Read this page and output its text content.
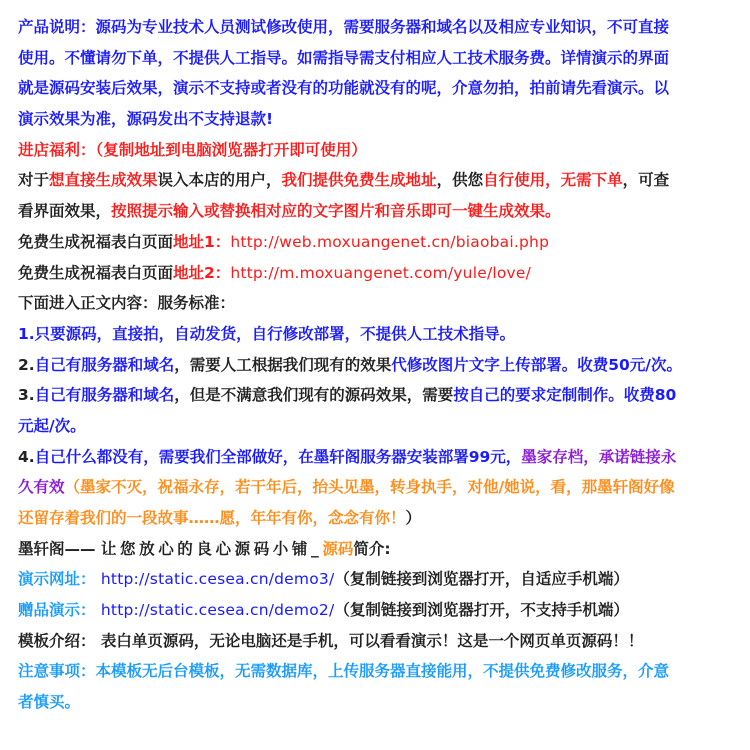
产品说明：源码为专业技术人员测试修改使用，需要服务器和域名以及相应专业知识，不可直接
使用。不懂请勿下单，不提供人工指导。如需指导需支付相应人工技术服务费。详情演示的界面
就是源码安装后效果，演示不支持或者没有的功能就没有的呢，介意勿拍，拍前请先看演示。以
演示效果为准，源码发出不支持退款!
进店福利：（复制地址到电脑浏览器打开即可使用）
对于想直接生成效果误入本店的用户，我们提供免费生成地址，供您自行使用，无需下单，可查
看界面效果，按照提示输入或替换相对应的文字图片和音乐即可一键生成效果。
免费生成祝福表白页面地址1：http://web.moxuangenet.cn/biaobai.php
免费生成祝福表白页面地址2：http://m.moxuangenet.com/yule/love/
下面进入正文内容：服务标准：
1.只要源码，直接拍，自动发货，自行修改部署，不提供人工技术指导。
2.自己有服务器和域名，需要人工根据我们现有的效果代修改图片文字上传部署。收费50元/次。
3.自己有服务器和域名，但是不满意我们现有的源码效果，需要按自己的要求定制制作。收费80
元起/次。
4.自己什么都没有，需要我们全部做好，在墨轩阁服务器安装部署99元，墨家存档，承诺链接永
久有效（墨家不灭，祝福永存，若干年后，抬头见墨，转身执手，对他/她说，看，那墨轩阁好像
还留存着我们的一段故事……愿，年年有你，念念有你！）
墨轩阁—— 让您放心的良心源码小铺_源码简介:
演示网址： http://static.cesea.cn/demo3/（复制链接到浏览器打开，自适应手机端）
赠品演示： http://static.cesea.cn/demo2/（复制链接到浏览器打开，不支持手机端）
模板介绍： 表白单页源码，无论电脑还是手机，可以看看演示！这是一个网页单页源码！！
注意事项：本模板无后台模板，无需数据库，上传服务器直接能用，不提供免费修改服务，介意
者慎买。
